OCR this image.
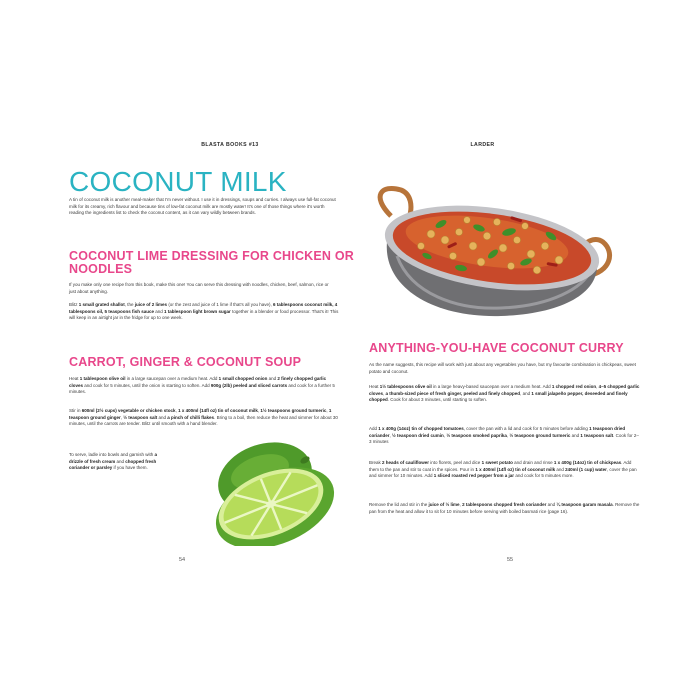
BLASTA BOOKS #13
COCONUT MILK

A tin of coconut milk is another meal-maker that I'm never without. I use it in dressings, soups and curries. I always use full-fat coconut milk for its creamy, rich flavour and because tins of low-fat coconut milk are mostly water! It's one of those things where it's worth reading the ingredients list to check the coconut content, as it can vary wildly between brands.

COCONUT LIME DRESSING FOR CHICKEN OR NOODLES

If you make only one recipe from this book, make this one! You can serve this dressing with noodles, chicken, beef, salmon, rice or just about anything.

Blitz 1 small grated shallot, the juice of 2 limes (or the zest and juice of 1 lime if that's all you have), 6 tablespoons coconut milk, 4 tablespoons oil, 5 teaspoons fish sauce and 1 tablespoon light brown sugar together in a blender or food processor. That's it! This will keep in an airtight jar in the fridge for up to one week.

CARROT, GINGER & COCONUT SOUP

Heat 1 tablespoon olive oil in a large saucepan over a medium heat. Add 1 small chopped onion and 2 finely chopped garlic cloves and cook for 5 minutes, until the onion is starting to soften. Add 900g (2lb) peeled and sliced carrots and cook for a further 5 minutes.

Stir in 600ml (2½ cups) vegetable or chicken stock, 1 x 400ml (14fl oz) tin of coconut milk, 1½ teaspoons ground turmeric, 1 teaspoon ground ginger, ½ teaspoon salt and a pinch of chilli flakes. Bring to a boil, then reduce the heat and simmer for about 30 minutes, until the carrots are tender. Blitz until smooth with a hand blender.

To serve, ladle into bowls and garnish with a drizzle of fresh cream and chopped fresh coriander or parsley if you have them.

54
LARDER
ANYTHING-YOU-HAVE COCONUT CURRY

As the name suggests, this recipe will work with just about any vegetables you have, but my favourite combination is chickpeas, sweet potato and coconut.

Heat 1½ tablespoons olive oil in a large heavy-based saucepan over a medium heat. Add 1 chopped red onion, 4–5 chopped garlic cloves, a thumb-sized piece of fresh ginger, peeled and finely chopped, and 1 small jalapeño pepper, deseeded and finely chopped. Cook for about 3 minutes, until starting to soften.

Add 1 x 400g (14oz) tin of chopped tomatoes, cover the pan with a lid and cook for 5 minutes before adding 1 teaspoon dried coriander, ½ teaspoon dried cumin, ½ teaspoon smoked paprika, ½ teaspoon ground turmeric and 1 teaspoon salt. Cook for 2–3 minutes

Break 2 heads of cauliflower into florets, peel and dice 1 sweet potato and drain and rinse 1 x 400g (14oz) tin of chickpeas. Add them to the pan and stir to coat in the spices. Pour in 1 x 400ml (14fl oz) tin of coconut milk and 240ml (1 cup) water, cover the pan and simmer for 10 minutes. Add 1 sliced roasted red pepper from a jar and cook for 5 minutes more.

Remove the lid and stir in the juice of ½ lime, 2 tablespoons chopped fresh coriander and ¼ teaspoon garam masala. Remove the pan from the heat and allow it to sit for 10 minutes before serving with boiled basmati rice (page 16).

55
